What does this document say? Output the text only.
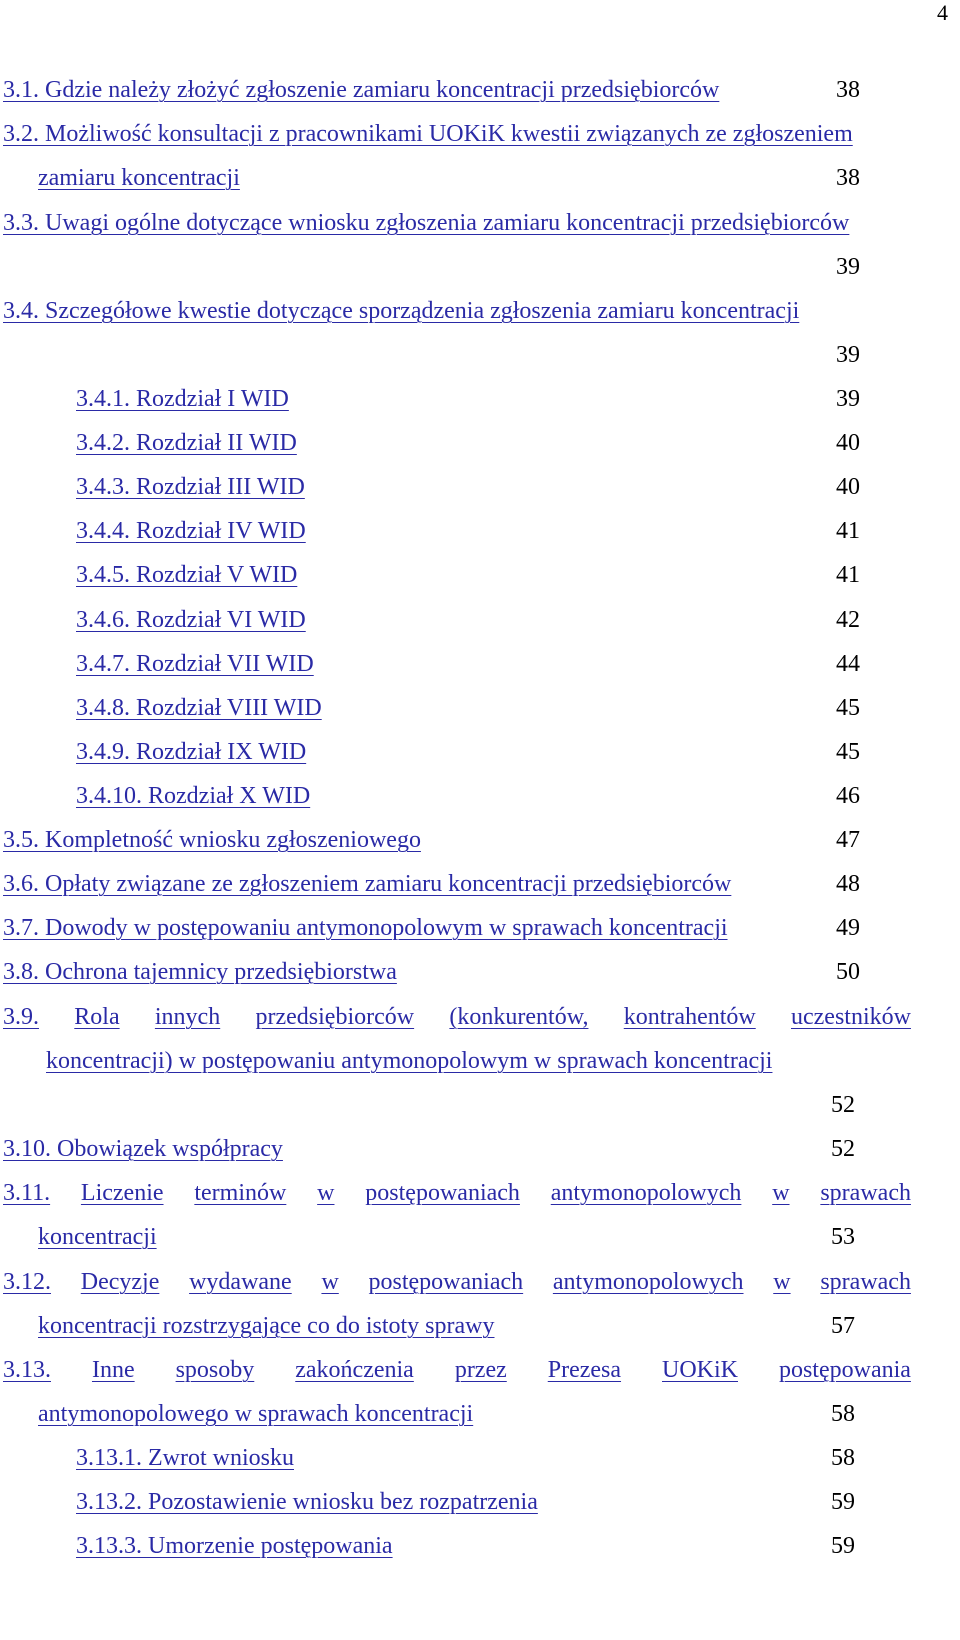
4
3.1. Gdzie należy złożyć zgłoszenie zamiaru koncentracji przedsiębiorców	38
3.2. Możliwość konsultacji z pracownikami UOKiK kwestii związanych ze zgłoszeniem
zamiaru koncentracji	38
3.3. Uwagi ogólne dotyczące wniosku zgłoszenia zamiaru koncentracji przedsiębiorców
39
3.4. Szczegółowe kwestie dotyczące sporządzenia zgłoszenia zamiaru koncentracji
39
3.4.1. Rozdział I WID	39
3.4.2. Rozdział II WID	40
3.4.3. Rozdział III WID	40
3.4.4. Rozdział IV WID	41
3.4.5. Rozdział V WID	41
3.4.6. Rozdział VI WID	42
3.4.7. Rozdział VII WID	44
3.4.8. Rozdział VIII WID	45
3.4.9. Rozdział IX WID	45
3.4.10. Rozdział X WID	46
3.5. Kompletność wniosku zgłoszeniowego	47
3.6. Opłaty związane ze zgłoszeniem zamiaru koncentracji przedsiębiorców	48
3.7. Dowody w postępowaniu antymonopolowym w sprawach koncentracji	49
3.8. Ochrona tajemnicy przedsiębiorstwa	50
3.9. Rola innych przedsiębiorców (konkurentów, kontrahentów uczestników
koncentracji) w postępowaniu antymonopolowym w sprawach koncentracji
52
3.10. Obowiązek współpracy	52
3.11. Liczenie terminów w postępowaniach antymonopolowych w sprawach
koncentracji	53
3.12. Decyzje wydawane w postępowaniach antymonopolowych w sprawach
koncentracji rozstrzygające co do istoty sprawy	57
3.13. Inne sposoby zakończenia przez Prezesa UOKiK postępowania
antymonopolowego w sprawach koncentracji	58
3.13.1. Zwrot wniosku	58
3.13.2. Pozostawienie wniosku bez rozpatrzenia	59
3.13.3. Umorzenie postępowania	59
